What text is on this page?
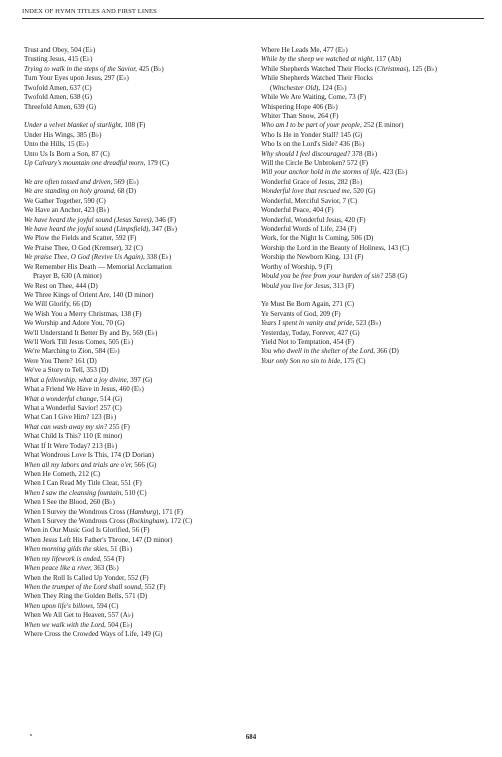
INDEX OF HYMN TITLES AND FIRST LINES
Trust and Obey, 504 (E♭)
Trusting Jesus, 415 (E♭)
Trying to walk in the steps of the Savior, 425 (B♭)
Turn Your Eyes upon Jesus, 297 (E♭)
Twofold Amen, 637 (C)
Twofold Amen, 638 (G)
Threefold Amen, 639 (G)
Under a velvet blanket of starlight, 108 (F)
Under His Wings, 385 (B♭)
Unto the Hills, 15 (E♭)
Unto Us Is Born a Son, 87 (C)
Up Calvary's mountain one dreadful morn, 179 (C)
We are often tossed and driven, 569 (E♭)
We are standing on holy ground, 68 (D)
We Gather Together, 590 (C)
We Have an Anchor, 423 (B♭)
We have heard the joyful sound (Jesus Saves), 346 (F)
We have heard the joyful sound (Limpsfield), 347 (B♭)
We Plow the Fields and Scatter, 592 (F)
We Praise Thee, O God (Kremser), 32 (C)
We praise Thee, O God (Revive Us Again), 338 (E♭)
We Remember His Death — Memorial Acclamation
Prayer B, 630 (A minor)
We Rest on Thee, 444 (D)
We Three Kings of Orient Are, 140 (D minor)
We Will Glorify, 66 (D)
We Wish You a Merry Christmas, 138 (F)
We Worship and Adore You, 70 (G)
We'll Understand It Better By and By, 569 (E♭)
We'll Work Till Jesus Comes, 505 (E♭)
We're Marching to Zion, 584 (E♭)
Were You There? 161 (D)
We've a Story to Tell, 353 (D)
What a fellowship, what a joy divine, 397 (G)
What a Friend We Have in Jesus, 460 (E♭)
What a wonderful change, 514 (G)
What a Wonderful Savior! 257 (C)
What Can I Give Him? 123 (B♭)
What can wash away my sin? 255 (F)
What Child Is This? 110 (E minor)
What If It Were Today? 213 (B♭)
What Wondrous Love Is This, 174 (D Dorian)
When all my labors and trials are o'er, 566 (G)
When He Cometh, 212 (C)
When I Can Read My Title Clear, 551 (F)
When I saw the cleansing fountain, 510 (C)
When I See the Blood, 260 (B♭)
When I Survey the Wondrous Cross (Hamburg), 171 (F)
When I Survey the Wondrous Cross (Rockingham), 172 (C)
When in Our Music God Is Glorified, 56 (F)
When Jesus Left His Father's Throne, 147 (D minor)
When morning gilds the skies, 51 (B♭)
When my lifework is ended, 554 (F)
When peace like a river, 363 (B♭)
When the Roll Is Called Up Yonder, 552 (F)
When the trumpet of the Lord shall sound, 552 (F)
When They Ring the Golden Bells, 571 (D)
When upon life's billows, 594 (C)
When We All Get to Heaven, 557 (A♭)
When we walk with the Lord, 504 (E♭)
Where Cross the Crowded Ways of Life, 149 (G)
Where He Leads Me, 477 (E♭)
While by the sheep we watched at night, 117 (Ab)
While Shepherds Watched Their Flocks (Christmas), 125 (B♭)
While Shepherds Watched Their Flocks
(Winchester Old), 124 (E♭)
While We Are Waiting, Come, 73 (F)
Whispering Hope 406 (B♭)
Whiter Than Snow, 264 (F)
Who am I to be part of your people, 252 (E minor)
Who Is He in Yonder Stall? 145 (G)
Who Is on the Lord's Side? 436 (B♭)
Why should I feel discouraged? 378 (B♭)
Will the Circle Be Unbroken? 572 (F)
Will your anchor hold in the storms of life, 423 (E♭)
Wonderful Grace of Jesus, 282 (B♭)
Wonderful love that rescued me, 520 (G)
Wonderful, Merciful Savior, 7 (C)
Wonderful Peace, 404 (F)
Wonderful, Wonderful Jesus, 420 (F)
Wonderful Words of Life, 234 (F)
Work, for the Night Is Coming, 506 (D)
Worship the Lord in the Beauty of Holiness, 143 (C)
Worship the Newborn King, 131 (F)
Worthy of Worship, 9 (F)
Would you be free from your burden of sin? 258 (G)
Would you live for Jesus, 313 (F)
Ye Must Be Born Again, 271 (C)
Ye Servants of God, 209 (F)
Years I spent in vanity and pride, 523 (B♭)
Yesterday, Today, Forever, 427 (G)
Yield Not to Temptation, 454 (F)
You who dwell in the shelter of the Lord, 366 (D)
Your only Son no sin to hide, 175 (C)
684
